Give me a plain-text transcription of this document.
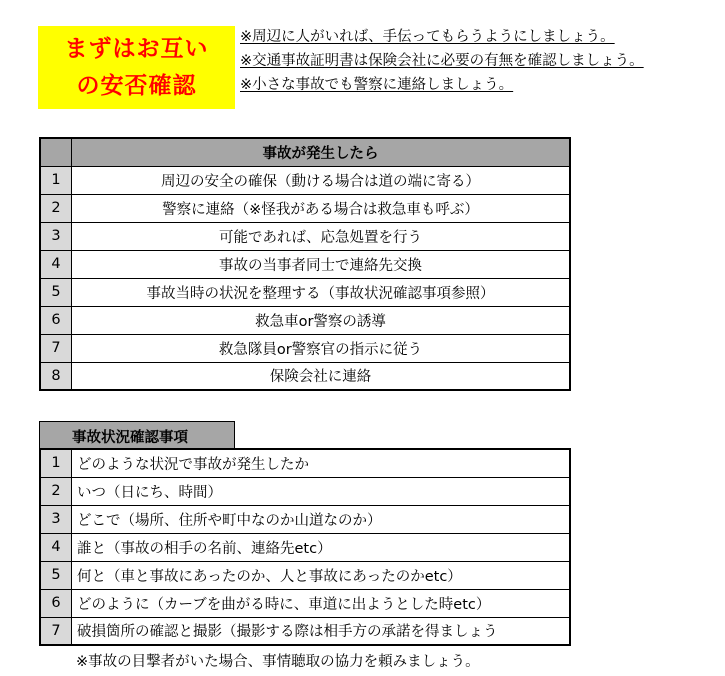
まずはお互い
の安否確認
※周辺に人がいれば、手伝ってもらうようにしましょう。
※交通事故証明書は保険会社に必要の有無を確認しましょう。
※小さな事故でも警察に連絡しましょう。
	事故が発生したら
1	周辺の安全の確保（動ける場合は道の端に寄る）
2	警察に連絡（※怪我がある場合は救急車も呼ぶ）
3	可能であれば、応急処置を行う
4	事故の当事者同士で連絡先交換
5	事故当時の状況を整理する（事故状況確認事項参照）
6	救急車or警察の誘導
7	救急隊員or警察官の指示に従う
8	保険会社に連絡
事故状況確認事項
1	どのような状況で事故が発生したか
2	いつ（日にち、時間）
3	どこで（場所、住所や町中なのか山道なのか）
4	誰と（事故の相手の名前、連絡先etc）
5	何と（車と事故にあったのか、人と事故にあったのかetc）
6	どのように（カーブを曲がる時に、車道に出ようとした時etc）
7	破損箇所の確認と撮影（撮影する際は相手方の承諾を得ましょう
※事故の目撃者がいた場合、事情聴取の協力を頼みましょう。
